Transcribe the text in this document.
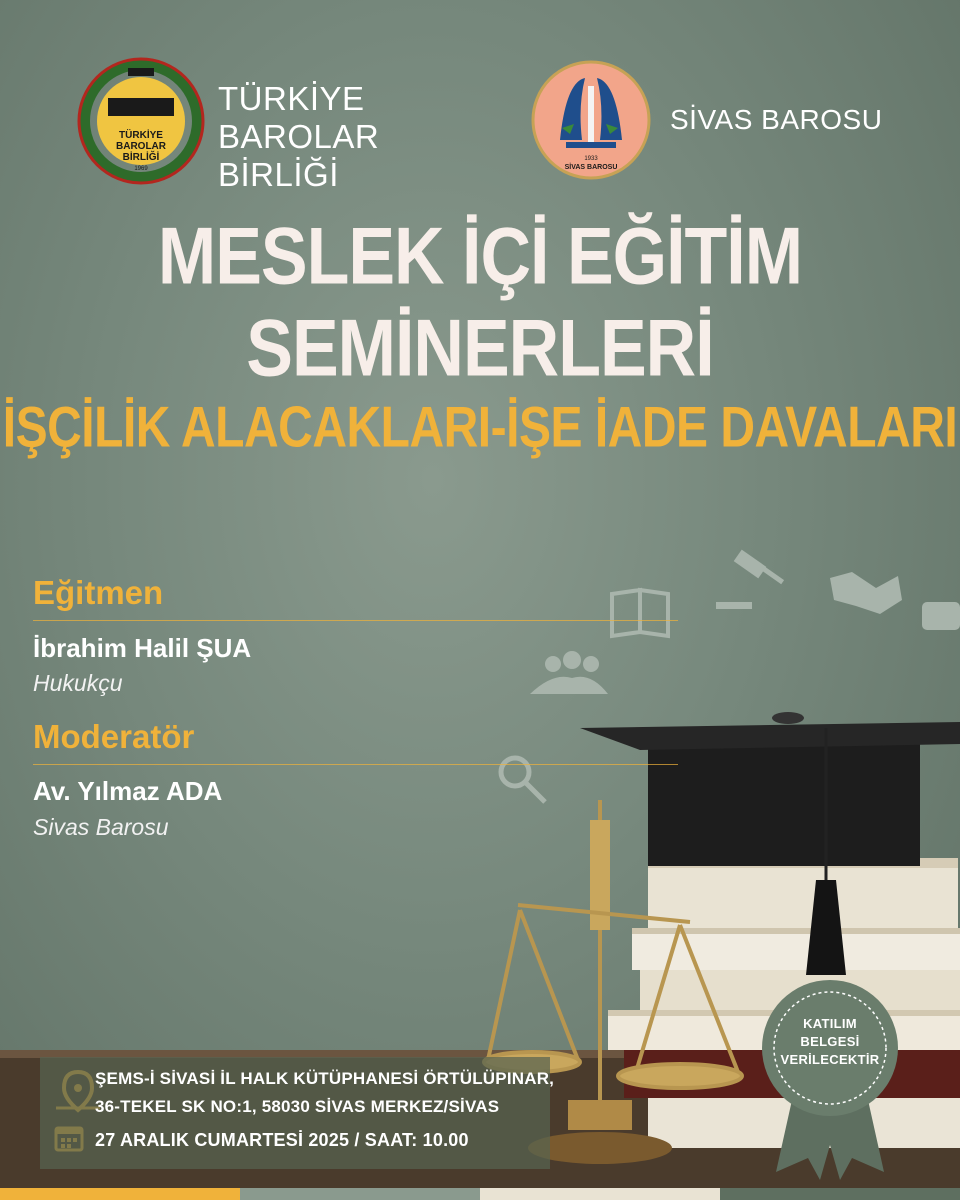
TÜRKİYE
BAROLAR
BİRLİĞİ
1969
1933
SİVAS BAROSU
TÜRKİYE
BAROLAR BİRLİĞİ
SİVAS BAROSU
MESLEK İÇİ EĞİTİM SEMİNERLERİ
İŞÇİLİK ALACAKLARI-İŞE İADE DAVALARI
Eğitmen
İbrahim Halil ŞUA
Hukukçu
Moderatör
Av. Yılmaz ADA
Sivas Barosu
ŞEMS-İ SİVASİ İL HALK KÜTÜPHANESİ ÖRTÜLÜPINAR,
36-TEKEL SK NO:1, 58030 SİVAS MERKEZ/SİVAS
27 ARALIK CUMARTESİ 2025 / SAAT: 10.00
KATILIM
BELGESİ
VERİLECEKTİR
